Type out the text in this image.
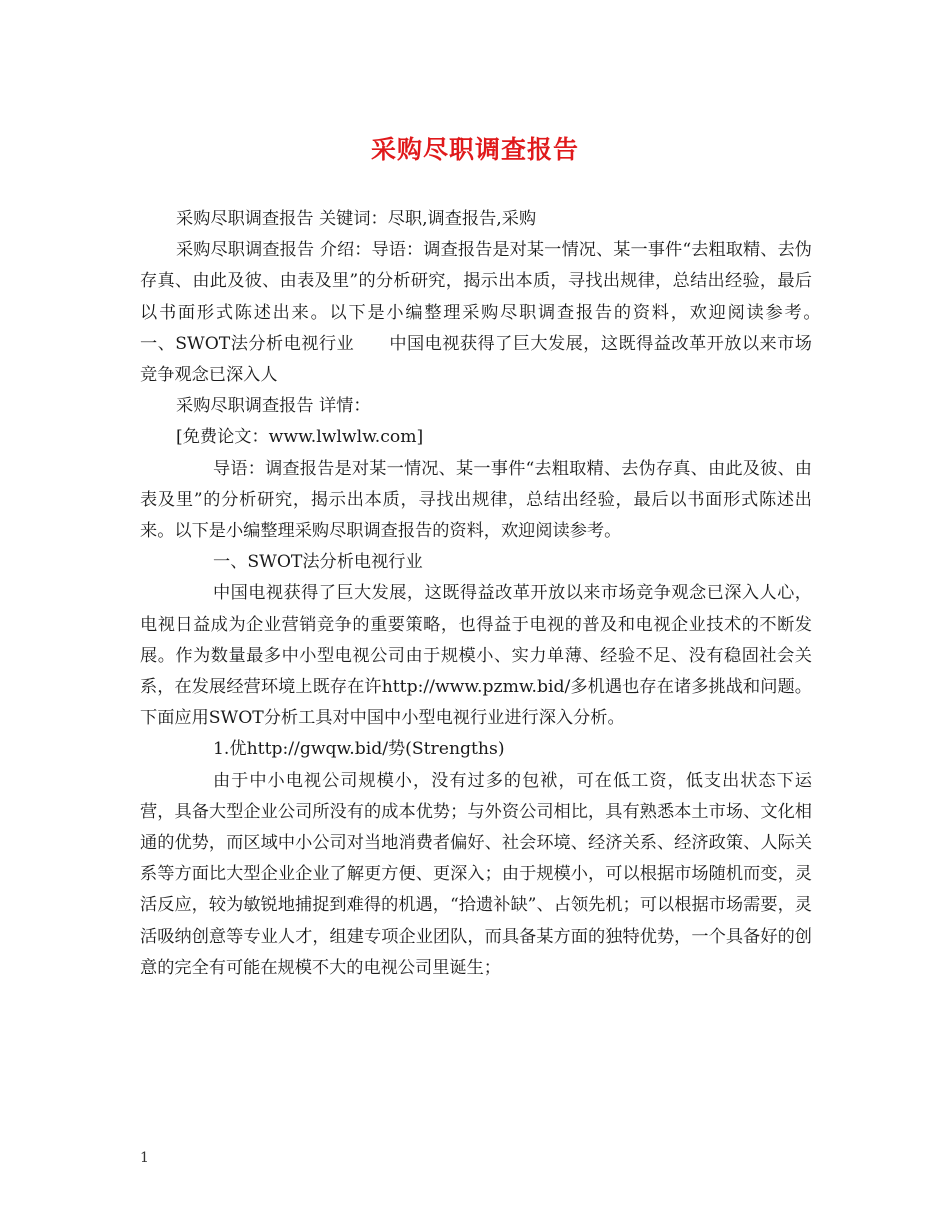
采购尽职调查报告

采购尽职调查报告 关键词：尽职,调查报告,采购

采购尽职调查报告 介绍：导语：调查报告是对某一情况、某一事件“去粗取精、去伪存真、由此及彼、由表及里”的分析研究，揭示出本质，寻找出规律，总结出经验，最后以书面形式陈述出来。以下是小编整理采购尽职调查报告的资料，欢迎阅读参考。　　一、SWOT法分析电视行业　　中国电视获得了巨大发展，这既得益改革开放以来市场竞争观念已深入人

采购尽职调查报告 详情：

[免费论文：www.lwlwlw.com]

导语：调查报告是对某一情况、某一事件“去粗取精、去伪存真、由此及彼、由表及里”的分析研究，揭示出本质，寻找出规律，总结出经验，最后以书面形式陈述出来。以下是小编整理采购尽职调查报告的资料，欢迎阅读参考。

一、SWOT法分析电视行业

中国电视获得了巨大发展，这既得益改革开放以来市场竞争观念已深入人心，电视日益成为企业营销竞争的重要策略，也得益于电视的普及和电视企业技术的不断发展。作为数量最多中小型电视公司由于规模小、实力单薄、经验不足、没有稳固社会关系，在发展经营环境上既存在许http://www.pzmw.bid/多机遇也存在诸多挑战和问题。下面应用SWOT分析工具对中国中小型电视行业进行深入分析。

1.优http://gwqw.bid/势(Strengths)

由于中小电视公司规模小，没有过多的包袱，可在低工资，低支出状态下运营，具备大型企业公司所没有的成本优势；与外资公司相比，具有熟悉本土市场、文化相通的优势，而区域中小公司对当地消费者偏好、社会环境、经济关系、经济政策、人际关系等方面比大型企业企业了解更方便、更深入；由于规模小，可以根据市场随机而变，灵活反应，较为敏锐地捕捉到难得的机遇，“拾遗补缺”、占领先机；可以根据市场需要，灵活吸纳创意等专业人才，组建专项企业团队，而具备某方面的独特优势，一个具备好的创意的完全有可能在规模不大的电视公司里诞生；

1
